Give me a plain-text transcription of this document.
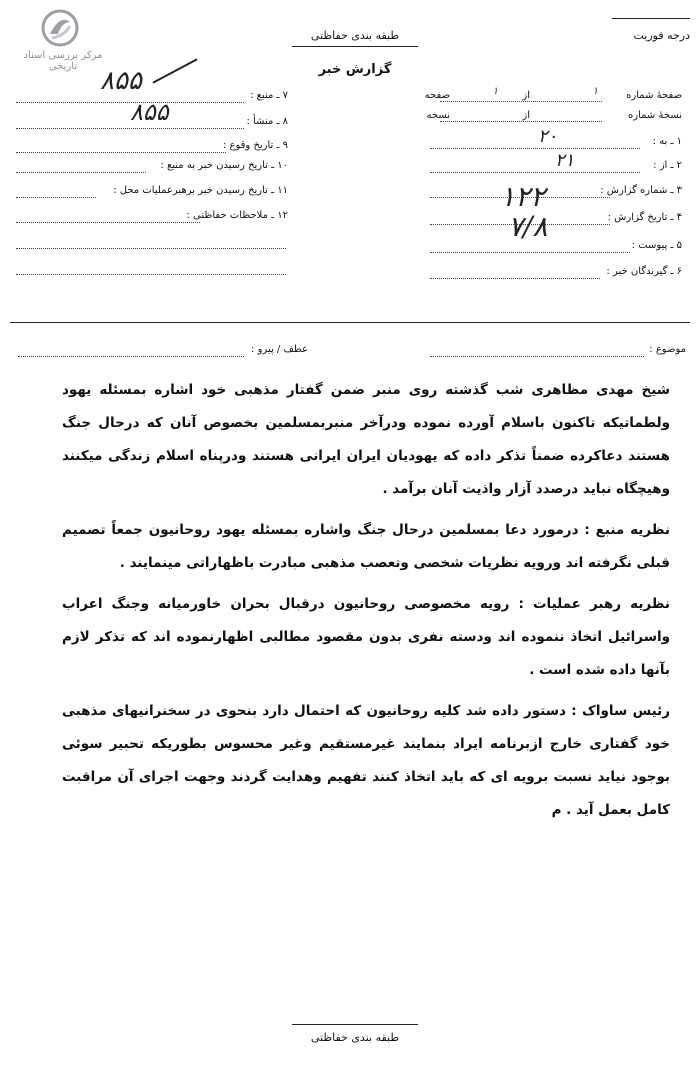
مرکز بررسی اسناد تاریخی
طبقه بندی حفاظتی	درجه فوریت
گزارش خبر
صفحهٔ شماره
۱
از
۱
صفحه
نسخهٔ شماره
از
نسخه
۱ ـ به :
۲ ـ از :
۳ ـ شماره گزارش :
۴ ـ تاریخ گزارش :
۵ ـ پیوست :
۶ ـ گیرندگان خبر :
۲۰
۲۱
۱۲۲
۷/۸
۷ ـ منبع :
۸ ـ منشأ :
۹ ـ تاریخ وقوع :
۱۰ ـ تاریخ رسیدن خبر به منبع :
۱۱ ـ تاریخ رسیدن خبر برهبرعملیات محل :
۱۲ ـ ملاحظات حفاظتی :
۸۵۵
۸۵۵
موضوع :
عطف / پیرو :
شیخ مهدی مظاهری شب گذشته روی منبر ضمن گفتار مذهبی خود اشاره بمسئله یهود ولطماتیکه تاکنون باسلام آورده نموده ودرآخر منبربمسلمین بخصوص آنان که درحال جنگ هستند دعاکرده ضمناً تذکر داده که یهودیان ایران ایرانی هستند ودرپناه اسلام زندگی میکنند وهیچگاه نباید درصدد آزار واذیت آنان برآمد .
نظریه منبع : درمورد دعا بمسلمین درحال جنگ واشاره بمسئله یهود روحانیون جمعاً تصمیم قبلی نگرفته اند ورویه نظریات شخصی وتعصب مذهبی مبادرت باظهاراتی مینمایند .
نظریه رهبر عملیات : رویه مخصوصی روحانیون درقبال بحران خاورمیانه وجنگ اعراب واسرائیل اتخاذ ننموده اند ودسته نفری بدون مقصود مطالبی اظهارنموده اند که تذکر لازم بآنها داده شده است .
رئیس ساواک : دستور داده شد کلیه روحانیون که احتمال دارد بنحوی در سخنرانیهای مذهبی خود گفتاری خارج ازبرنامه ایراد بنمایند غیرمستقیم وغیر محسوس بطوریکه تحبیر سوئی بوجود نیاید نسبت برویه ای که باید اتخاذ کنند تفهیم وهدایت گردند وجهت اجرای آن مراقبت کامل بعمل آید . م
طبقه بندی حفاظتی
